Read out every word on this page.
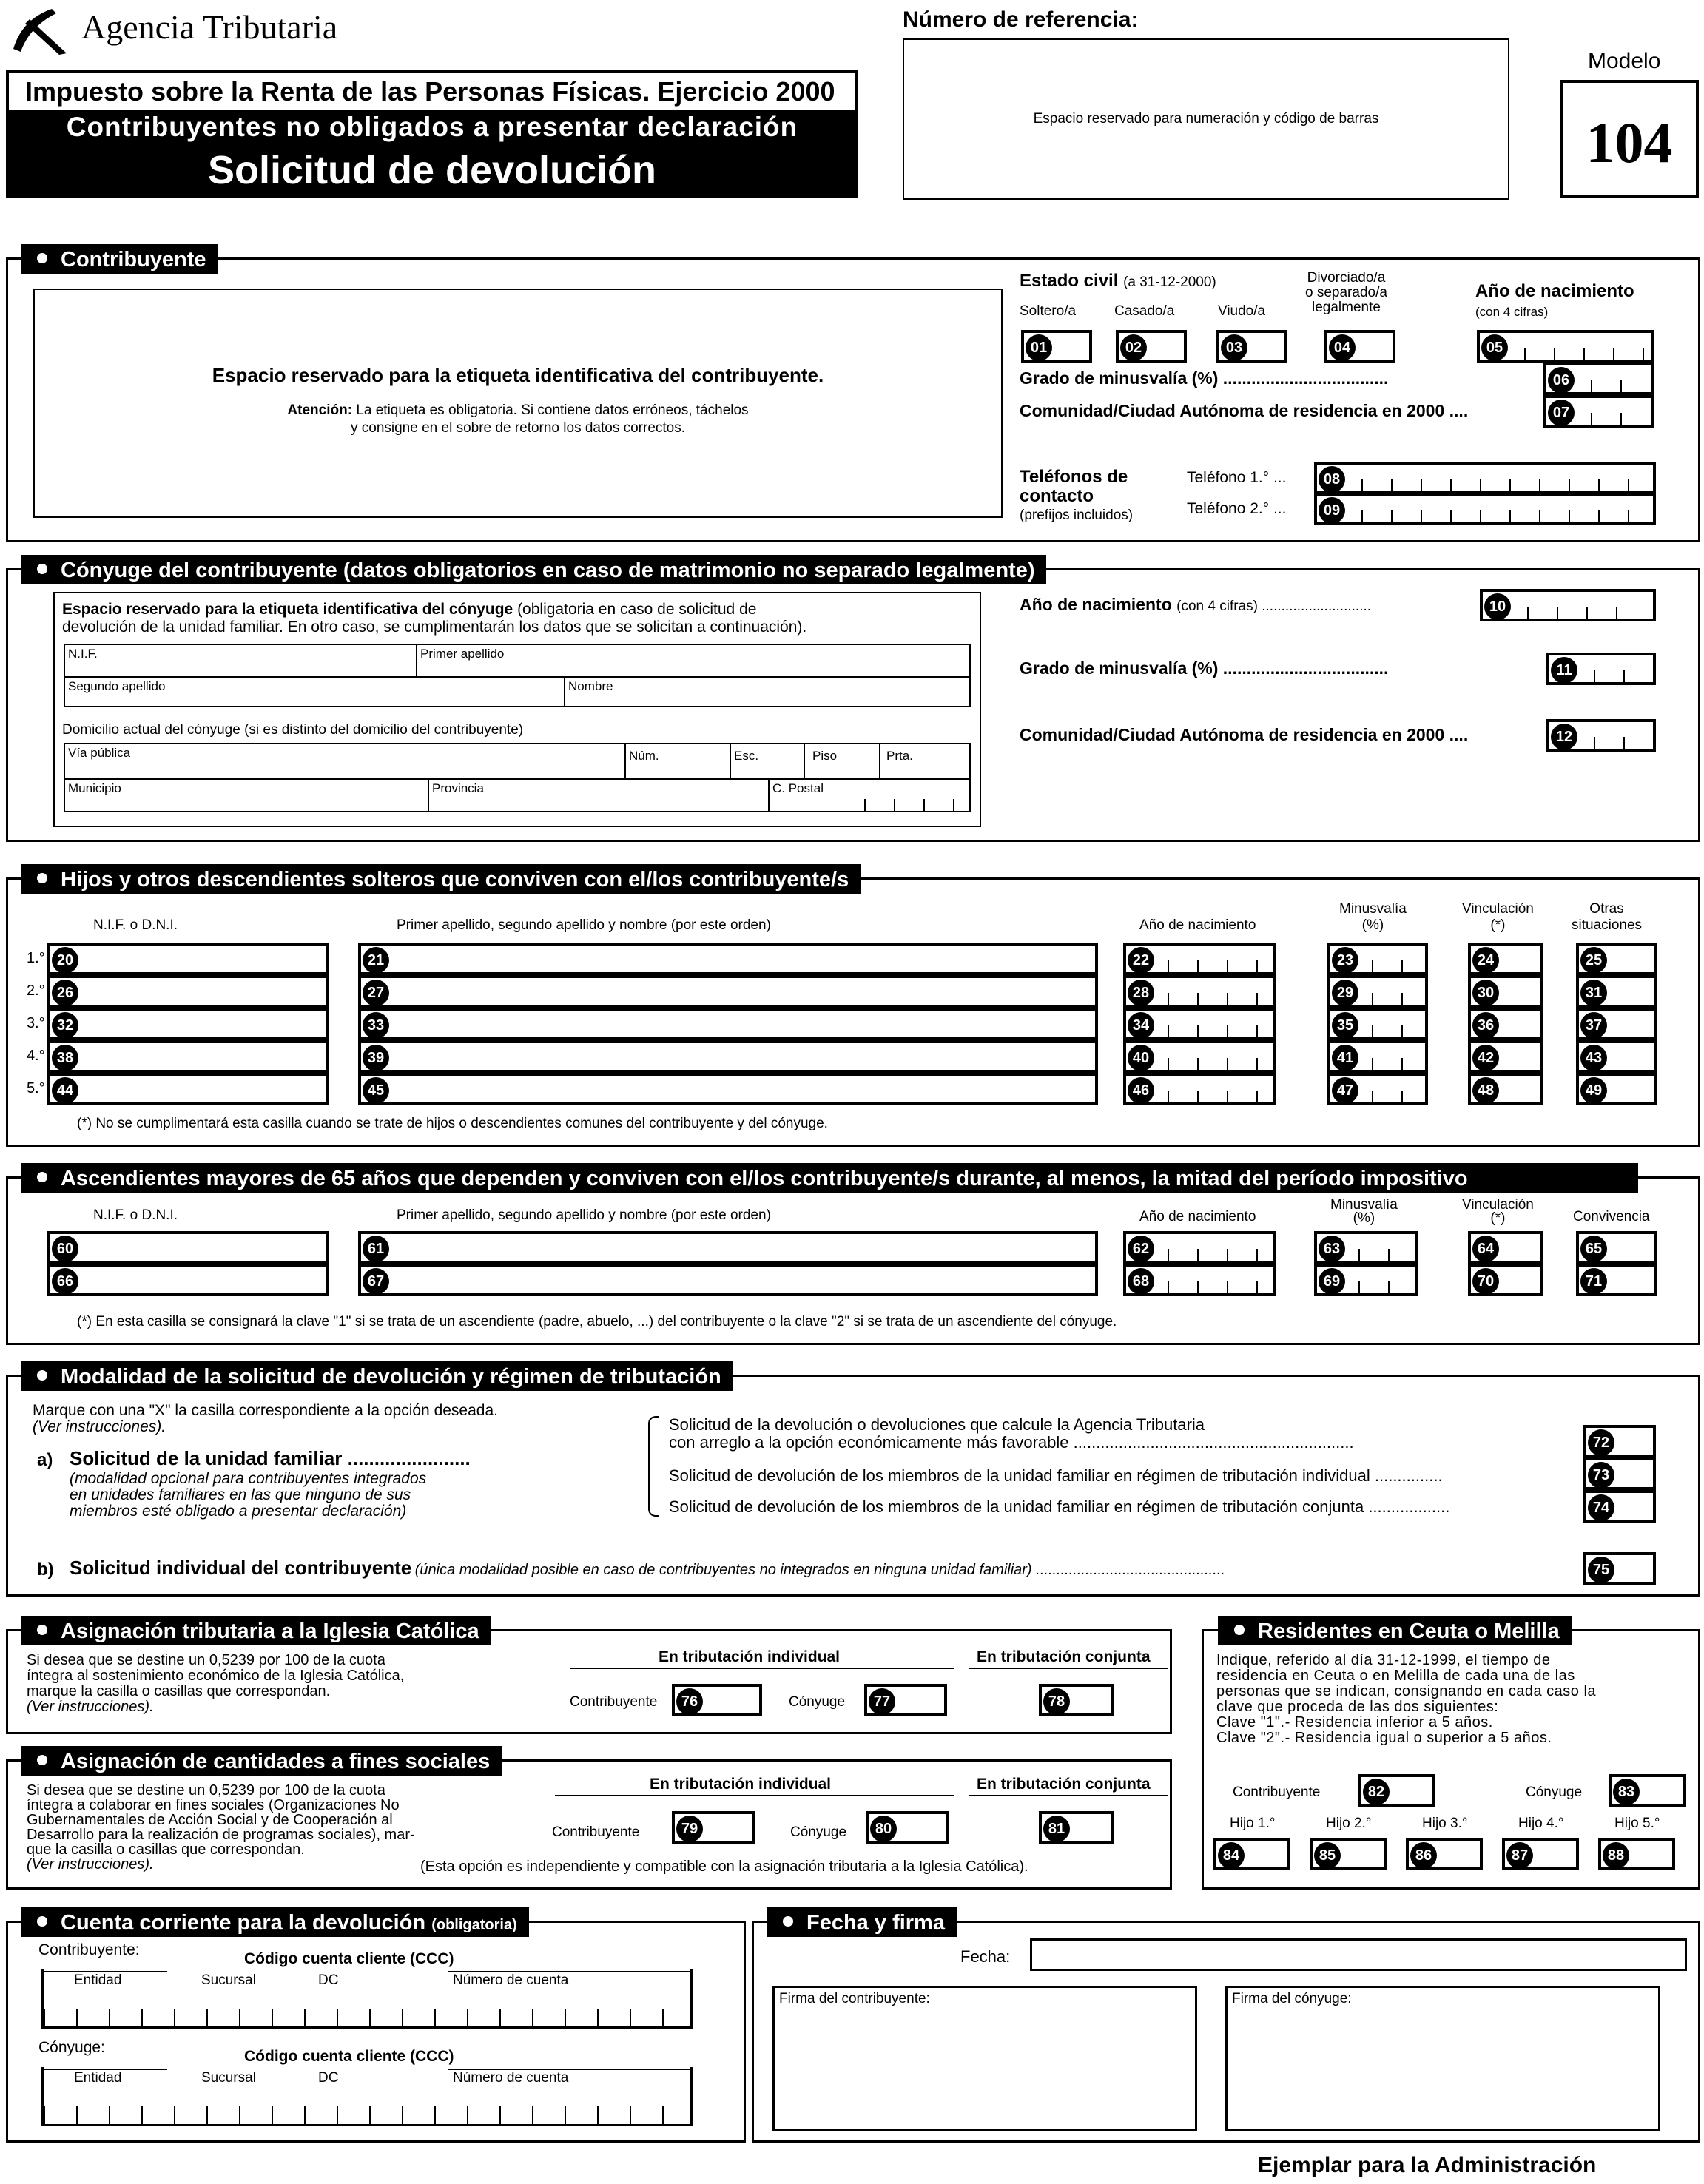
Agencia Tributaria
Impuesto sobre la Renta de las Personas Físicas. Ejercicio 2000
Contribuyentes no obligados a presentar declaración
Solicitud de devolución
Número de referencia:
Espacio reservado para numeración y código de barras
Modelo
104
Contribuyente
Espacio reservado para la etiqueta identificativa del contribuyente.
Atención: La etiqueta es obligatoria. Si contiene datos erróneos, táchelos
y consigne en el sobre de retorno los datos correctos.
Estado civil (a 31-12-2000)
Soltero/a	Casado/a	Viudo/a
Divorciado/a
o separado/a
legalmente
Año de nacimiento
(con 4 cifras)
01	02	03	04	05
Grado de minusvalía (%) ...................................	06
Comunidad/Ciudad Autónoma de residencia en 2000 ....	07
Teléfonos de
contacto
(prefijos incluidos)
Teléfono 1.° ...	08
Teléfono 2.° ...	09
Cónyuge del contribuyente (datos obligatorios en caso de matrimonio no separado legalmente)
Espacio reservado para la etiqueta identificativa del cónyuge (obligatoria en caso de solicitud de
devolución de la unidad familiar. En otro caso, se cumplimentarán los datos que se solicitan a continuación).
N.I.F.	Primer apellido
Segundo apellido	Nombre
Domicilio actual del cónyuge (si es distinto del domicilio del contribuyente)
Vía pública	Núm.	Esc.	Piso	Prta.
Municipio	Provincia	C. Postal
Año de nacimiento (con 4 cifras) ............................	10
Grado de minusvalía (%) ...................................	11
Comunidad/Ciudad Autónoma de residencia en 2000 ....	12
Hijos y otros descendientes solteros que conviven con el/los contribuyente/s
N.I.F. o D.N.I.	Primer apellido, segundo apellido y nombre (por este orden)	Año de nacimiento
Minusvalía
(%)
Vinculación
(*)
Otras
situaciones
1.° 20	21	22	23	24	25
2.° 26	27	28	29	30	31
3.° 32	33	34	35	36	37
4.° 38	39	40	41	42	43
5.° 44	45	46	47	48	49
(*) No se cumplimentará esta casilla cuando se trate de hijos o descendientes comunes del contribuyente y del cónyuge.
Ascendientes mayores de 65 años que dependen y conviven con el/los contribuyente/s durante, al menos, la mitad del período impositivo
N.I.F. o D.N.I.	Primer apellido, segundo apellido y nombre (por este orden)	Año de nacimiento
Minusvalía
(%)
Vinculación
(*)	Convivencia
60	61	62	63	64	65
66	67	68	69	70	71
(*) En esta casilla se consignará la clave "1" si se trata de un ascendiente (padre, abuelo, ...) del contribuyente o la clave "2" si se trata de un ascendiente del cónyuge.
Modalidad de la solicitud de devolución y régimen de tributación
Marque con una "X" la casilla correspondiente a la opción deseada.
(Ver instrucciones).
a) Solicitud de la unidad familiar .......................
(modalidad opcional para contribuyentes integrados
en unidades familiares en las que ninguno de sus
miembros esté obligado a presentar declaración)
Solicitud de la devolución o devoluciones que calcule la Agencia Tributaria
con arreglo a la opción económicamente más favorable ..............................................................
Solicitud de devolución de los miembros de la unidad familiar en régimen de tributación individual ...............
Solicitud de devolución de los miembros de la unidad familiar en régimen de tributación conjunta ..................
72
73
74
b) Solicitud individual del contribuyente (única modalidad posible en caso de contribuyentes no integrados en ninguna unidad familiar) ..............................................	75
Asignación tributaria a la Iglesia Católica
Si desea que se destine un 0,5239 por 100 de la cuota
íntegra al sostenimiento económico de la Iglesia Católica,
marque la casilla o casillas que correspondan.
(Ver instrucciones).
En tributación individual	En tributación conjunta
Contribuyente	76	Cónyuge	77	78
Asignación de cantidades a fines sociales
Si desea que se destine un 0,5239 por 100 de la cuota
íntegra a colaborar en fines sociales (Organizaciones No
Gubernamentales de Acción Social y de Cooperación al
Desarrollo para la realización de programas sociales), mar-
que la casilla o casillas que correspondan.
(Ver instrucciones).
En tributación individual	En tributación conjunta
Contribuyente	79	Cónyuge	80	81
(Esta opción es independiente y compatible con la asignación tributaria a la Iglesia Católica).
Residentes en Ceuta o Melilla
Indique, referido al día 31-12-1999, el tiempo de
residencia en Ceuta o en Melilla de cada una de las
personas que se indican, consignando en cada caso la
clave que proceda de las dos siguientes:
Clave "1".- Residencia inferior a 5 años.
Clave "2".- Residencia igual o superior a 5 años.
Contribuyente	82	Cónyuge	83
Hijo 1.°
84
Hijo 2.°
85
Hijo 3.°
86
Hijo 4.°
87
Hijo 5.°
88
Cuenta corriente para la devolución (obligatoria)
Contribuyente:
Código cuenta cliente (CCC)
Entidad	Sucursal	DC	Número de cuenta
Cónyuge:
Código cuenta cliente (CCC)
Entidad	Sucursal	DC	Número de cuenta
Fecha y firma
Fecha:
Firma del contribuyente:	Firma del cónyuge:
Ejemplar para la Administración
